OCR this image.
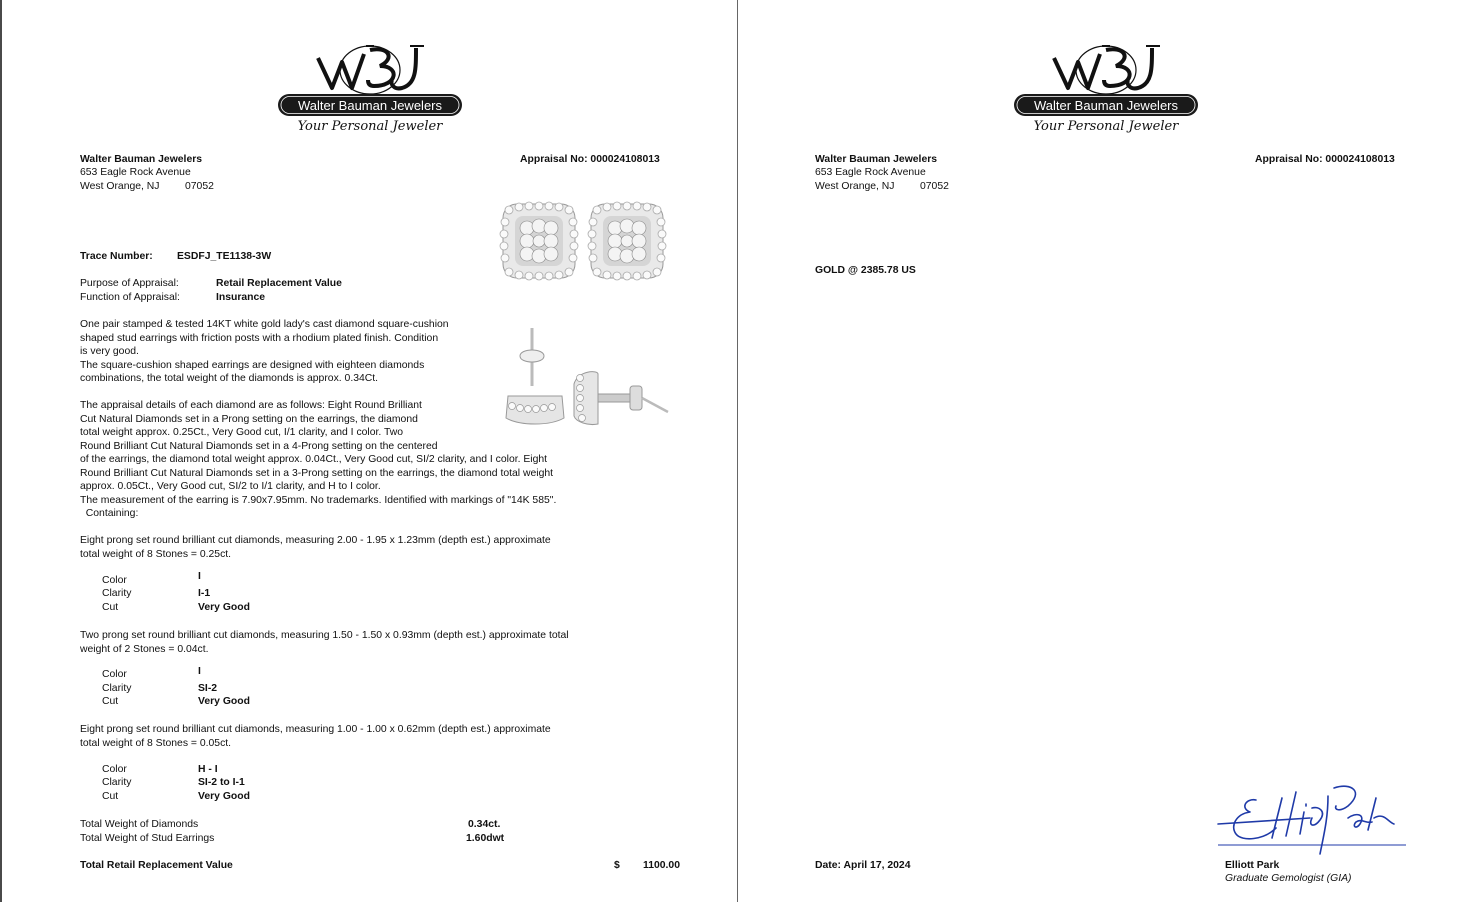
Walter Bauman Jewelers
Your Personal Jeweler
Walter Bauman Jewelers
653 Eagle Rock Avenue
West Orange, NJ 07052
Appraisal No: 000024108013
Trace Number: ESDFJ_TE1138-3W
Purpose of Appraisal:	Retail Replacement Value
Function of Appraisal:	Insurance
One pair stamped & tested 14KT white gold lady's cast diamond square-cushion
shaped stud earrings with friction posts with a rhodium plated finish. Condition
is very good.
The square-cushion shaped earrings are designed with eighteen diamonds
combinations, the total weight of the diamonds is approx. 0.34Ct.
The appraisal details of each diamond are as follows: Eight Round Brilliant
Cut Natural Diamonds set in a Prong setting on the earrings, the diamond
total weight approx. 0.25Ct., Very Good cut, I/1 clarity, and I color. Two
Round Brilliant Cut Natural Diamonds set in a 4-Prong setting on the centered
of the earrings, the diamond total weight approx. 0.04Ct., Very Good cut, SI/2 clarity, and I color. Eight
Round Brilliant Cut Natural Diamonds set in a 3-Prong setting on the earrings, the diamond total weight
approx. 0.05Ct., Very Good cut, SI/2 to I/1 clarity, and H to I color.
The measurement of the earring is 7.90x7.95mm. No trademarks. Identified with markings of "14K 585".
Containing:
Eight prong set round brilliant cut diamonds, measuring 2.00 - 1.95 x 1.23mm (depth est.) approximate
total weight of 8 Stones = 0.25ct.
Color	I
Clarity	I-1
Cut	Very Good
Two prong set round brilliant cut diamonds, measuring 1.50 - 1.50 x 0.93mm (depth est.) approximate total
weight of 2 Stones = 0.04ct.
Color	I
Clarity	SI-2
Cut	Very Good
Eight prong set round brilliant cut diamonds, measuring 1.00 - 1.00 x 0.62mm (depth est.) approximate
total weight of 8 Stones = 0.05ct.
Color	H - I
Clarity	SI-2 to I-1
Cut	Very Good
Total Weight of Diamonds	0.34ct.
Total Weight of Stud Earrings	1.60dwt
Total Retail Replacement Value	$ 1100.00
Walter Bauman Jewelers
Your Personal Jeweler
Walter Bauman Jewelers
653 Eagle Rock Avenue
West Orange, NJ 07052
Appraisal No: 000024108013
GOLD @ 2385.78 US
Date: April 17, 2024	Elliott Park
Graduate Gemologist (GIA)
